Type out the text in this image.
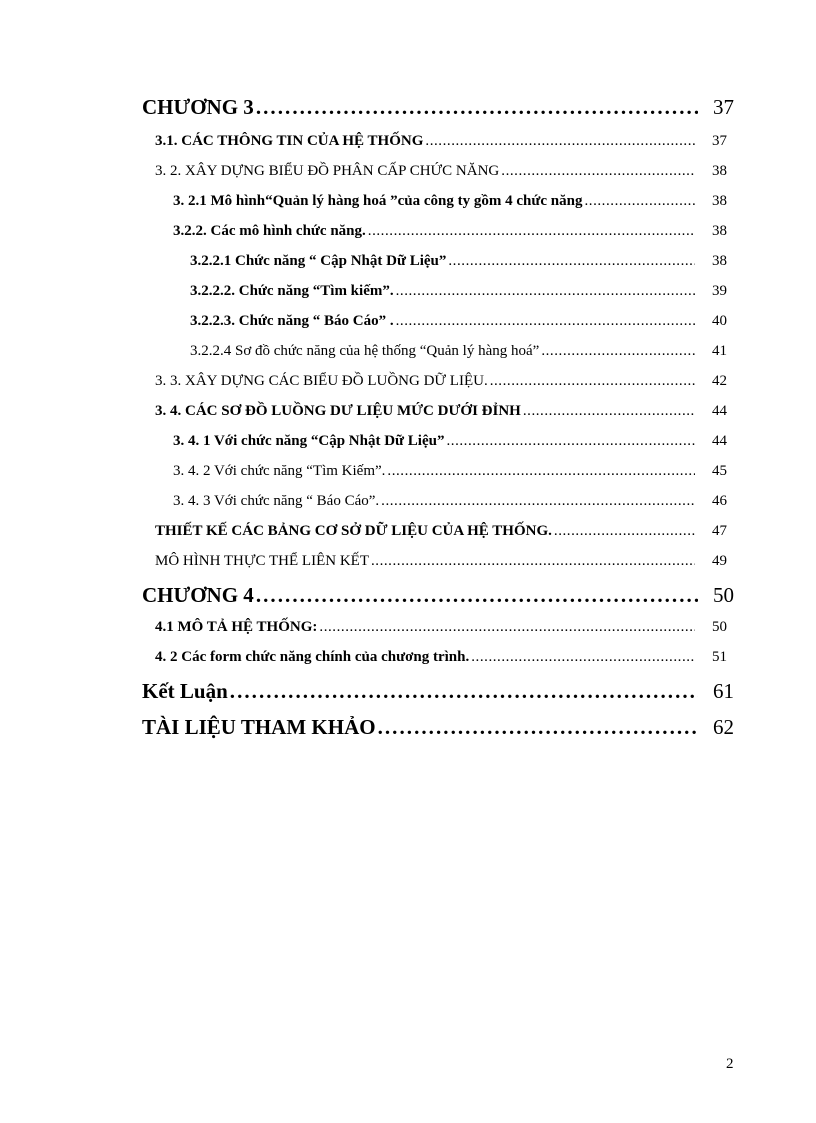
CHƯƠNG 3 . . .	37
3.1. CÁC THÔNG TIN CỦA HỆ THỐNG . . .	37
3. 2. XÂY DỰNG BIỂU ĐỒ PHÂN CẤP CHỨC NĂNG . . .	38
3. 2.1 Mô hình“Quản lý hàng hoá ”của công ty gồm 4 chức năng . . .	38
3.2.2. Các mô hình chức năng. . . .	38
3.2.2.1 Chức năng “ Cập Nhật Dữ Liệu” . . .	38
3.2.2.2. Chức năng “Tìm kiếm”. . . .	39
3.2.2.3. Chức năng “ Báo Cáo” . . . .	40
3.2.2.4 Sơ đồ chức năng của hệ thống “Quản lý hàng hoá” . . .	41
3. 3. XÂY DỰNG CÁC BIỂU ĐỒ LUỒNG DỮ LIỆU. . . .	42
3. 4. CÁC SƠ ĐỒ LUỒNG DƯ LIỆU MỨC DƯỚI ĐỈNH . . .	44
3. 4. 1 Với chức năng “Cập Nhật Dữ Liệu” . . .	44
3. 4. 2 Với chức năng “Tìm Kiếm”. . . .	45
3. 4. 3 Với chức năng “ Báo Cáo”. . . .	46
THIẾT KẾ CÁC BẢNG CƠ SỞ DỮ LIỆU CỦA HỆ THỐNG. . . .	47
MÔ HÌNH THỰC THỂ LIÊN KẾT . . .	49
CHƯƠNG 4 . . .	50
4.1 MÔ TẢ HỆ THỐNG: . . .	50
4. 2 Các form chức năng chính của chương trình. . . .	51
Kết Luận . . .	61
TÀI LIỆU THAM KHẢO . . .	62
2
